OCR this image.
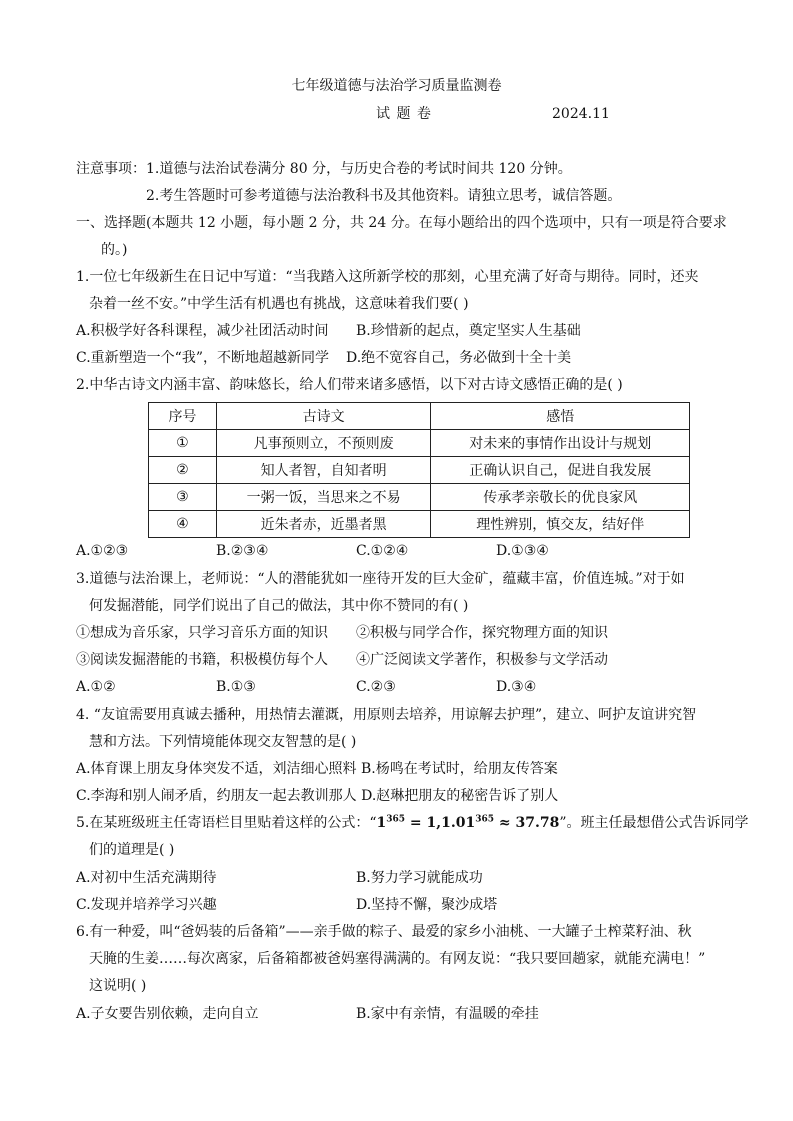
七年级道德与法治学习质量监测卷
试 题 卷	2024.11
注意事项： 1.道德与法治试卷满分 80 分，与历史合卷的考试时间共 120 分钟。
2.考生答题时可参考道德与法治教科书及其他资料。请独立思考，诚信答题。
一、选择题(本题共 12 小题，每小题 2 分，共 24 分。在每小题给出的四个选项中，只有一项是符合要求
的。)
1.一位七年级新生在日记中写道：“当我踏入这所新学校的那刻，心里充满了好奇与期待。同时，还夹
杂着一丝不安。”中学生活有机遇也有挑战，这意味着我们要( )
A.积极学好各科课程，减少社团活动时间 B.珍惜新的起点，奠定坚实人生基础
C.重新塑造一个“我”，不断地超越新同学 D.绝不宽容自己，务必做到十全十美
2.中华古诗文内涵丰富、韵味悠长，给人们带来诸多感悟，以下对古诗文感悟正确的是( )
序号	古诗文	感悟
①	凡事预则立，不预则废	对未来的事情作出设计与规划
②	知人者智，自知者明	正确认识自己，促进自我发展
③	一粥一饭，当思来之不易	传承孝亲敬长的优良家风
④	近朱者赤，近墨者黑	理性辨别，慎交友，结好伴
A.①②③	B.②③④	C.①②④	D.①③④
3.道德与法治课上，老师说：“人的潜能犹如一座待开发的巨大金矿，蕴藏丰富，价值连城。”对于如
何发掘潜能，同学们说出了自己的做法，其中你不赞同的有( )
①想成为音乐家，只学习音乐方面的知识 ②积极与同学合作，探究物理方面的知识
③阅读发掘潜能的书籍，积极模仿每个人 ④广泛阅读文学著作，积极参与文学活动
A.①②	B.①③	C.②③	D.③④
4. “友谊需要用真诚去播种，用热情去灌溉，用原则去培养，用谅解去护理”，建立、呵护友谊讲究智
慧和方法。下列情境能体现交友智慧的是( )
A.体育课上朋友身体突发不适，刘洁细心照料 B.杨鸣在考试时，给朋友传答案
C.李海和别人闹矛盾，约朋友一起去教训那人 D.赵琳把朋友的秘密告诉了别人
5.在某班级班主任寄语栏目里贴着这样的公式：“$1^{365} = 1,1.01^{365} \approx 37.78$”。班主任最想借公式告诉同学
们的道理是( )
A.对初中生活充满期待	B.努力学习就能成功
C.发现并培养学习兴趣	D.坚持不懈，聚沙成塔
6.有一种爱，叫“爸妈装的后备箱”——亲手做的粽子、最爱的家乡小油桃、一大罐子土榨菜籽油、秋
天腌的生姜……每次离家，后备箱都被爸妈塞得满满的。有网友说：“我只要回趟家，就能充满电！”
这说明( )
A.子女要告别依赖，走向自立	B.家中有亲情，有温暖的牵挂
